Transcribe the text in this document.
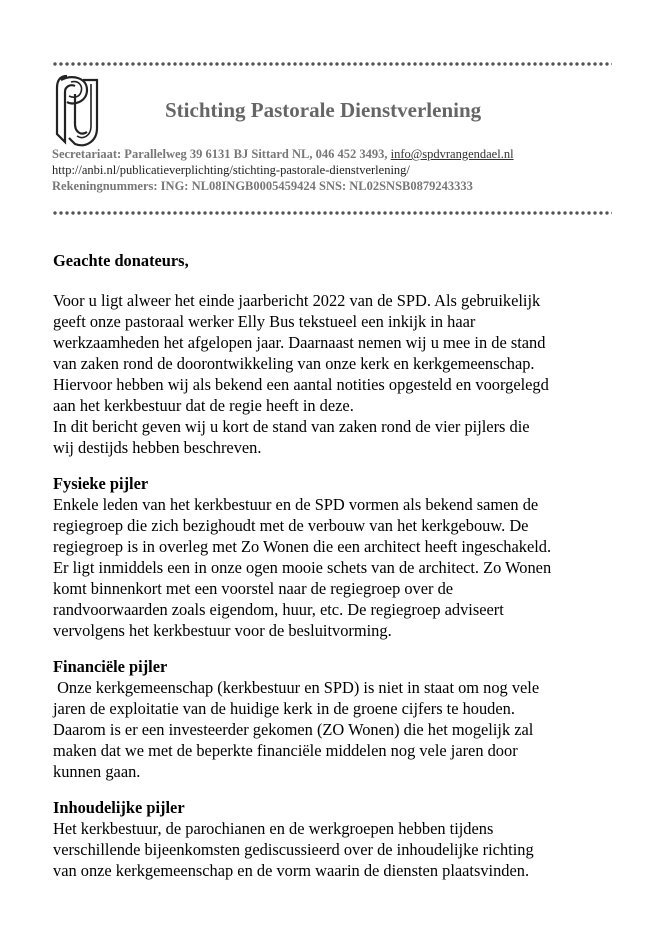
Stichting Pastorale Dienstverlening
Secretariaat: Parallelweg 39 6131 BJ Sittard NL, 046 452 3493, info@spdvrangendael.nl
http://anbi.nl/publicatieverplichting/stichting-pastorale-dienstverlening/
Rekeningnummers: ING: NL08INGB0005459424 SNS: NL02SNSB0879243333
Geachte donateurs,

Voor u ligt alweer het einde jaarbericht 2022 van de SPD. Als gebruikelijk

geeft onze pastoraal werker Elly Bus tekstueel een inkijk in haar

werkzaamheden het afgelopen jaar. Daarnaast nemen wij u mee in de stand

van zaken rond de doorontwikkeling van onze kerk en kerkgemeenschap.

Hiervoor hebben wij als bekend een aantal notities opgesteld en voorgelegd

aan het kerkbestuur dat de regie heeft in deze.

In dit bericht geven wij u kort de stand van zaken rond de vier pijlers die

wij destijds hebben beschreven.

Fysieke pijler

Enkele leden van het kerkbestuur en de SPD vormen als bekend samen de

regiegroep die zich bezighoudt met de verbouw van het kerkgebouw. De

regiegroep is in overleg met Zo Wonen die een architect heeft ingeschakeld.

Er ligt inmiddels een in onze ogen mooie schets van de architect. Zo Wonen

komt binnenkort met een voorstel naar de regiegroep over de

randvoorwaarden zoals eigendom, huur, etc. De regiegroep adviseert

vervolgens het kerkbestuur voor de besluitvorming.

Financiële pijler

Onze kerkgemeenschap (kerkbestuur en SPD) is niet in staat om nog vele

jaren de exploitatie van de huidige kerk in de groene cijfers te houden.

Daarom is er een investeerder gekomen (ZO Wonen) die het mogelijk zal

maken dat we met de beperkte financiële middelen nog vele jaren door

kunnen gaan.

Inhoudelijke pijler

Het kerkbestuur, de parochianen en de werkgroepen hebben tijdens

verschillende bijeenkomsten gediscussieerd over de inhoudelijke richting

van onze kerkgemeenschap en de vorm waarin de diensten plaatsvinden.
